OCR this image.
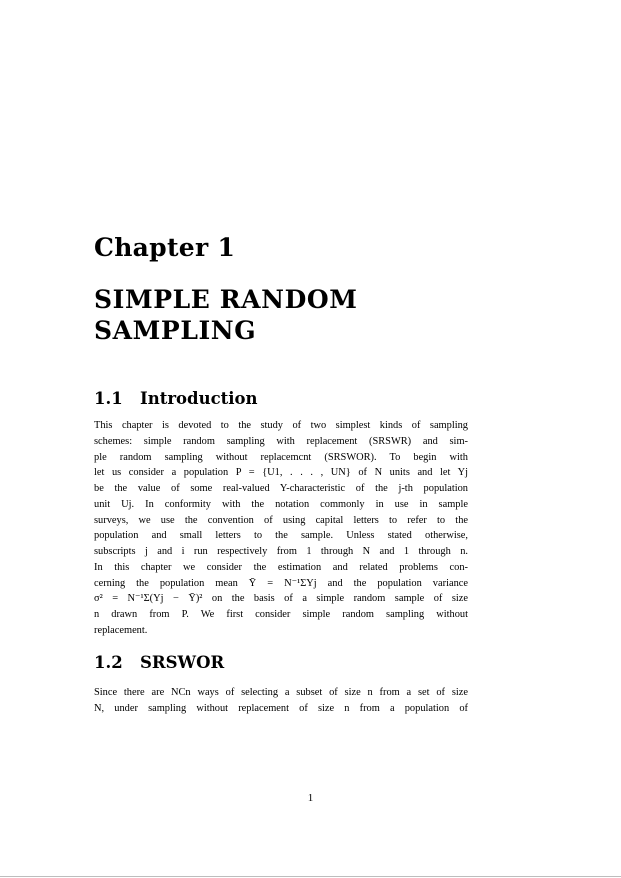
Chapter 1
SIMPLE RANDOM
SAMPLING
1.1 Introduction
This chapter is devoted to the study of two simplest kinds of sampling
schemes: simple random sampling with replacement (SRSWR) and sim-
ple random sampling without replacemcnt (SRSWOR). To begin with
let us consider a population P = {U1, . . . , UN} of N units and let Yj
be the value of some real-valued Y-characteristic of the j-th population
unit Uj. In conformity with the notation commonly in use in sample
surveys, we use the convention of using capital letters to refer to the
population and small letters to the sample. Unless stated otherwise,
subscripts j and i run respectively from 1 through N and 1 through n.
In this chapter we consider the estimation and related problems con-
cerning the population mean Ȳ = N⁻¹ΣYj and the population variance
σ² = N⁻¹Σ(Yj − Ȳ)² on the basis of a simple random sample of size
n drawn from P. We first consider simple random sampling without
replacement.
1.2 SRSWOR
Since there are NCn ways of selecting a subset of size n from a set of size
N, under sampling without replacement of size n from a population of
1
